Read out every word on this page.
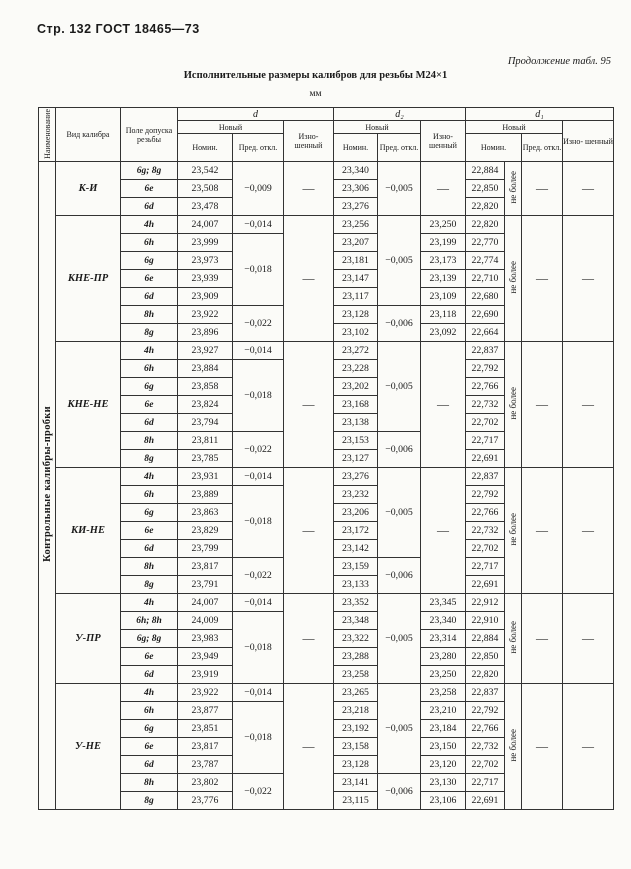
Стр. 132 ГОСТ 18465—73
Продолжение табл. 95
Исполнительные размеры калибров для резьбы М24×1
мм
Наименование	Вид калибра	Поле допуска резьбы	d			d₂			d₁			
			Новый		Изно- шенный	Новый		Изно- шенный	Новый			Изно- шенный
			Номин.	Пред. откл.		Номин.	Пред. откл.		Номин.		Пред. откл.	
Контрольные калибры-пробки	К-И	6g; 8g	23,542	−0,009	—	23,340	−0,005	—	22,884	не более	—	—
		6e	23,508			23,306			22,850			
		6d	23,478			23,276			22,820			
	КНЕ-ПР	4h	24,007	−0,014	—	23,256	−0,005	23,250	22,820	не более	—	—
		6h	23,999	−0,018		23,207		23,199	22,770			
		6g	23,973			23,181		23,173	22,774			
		6e	23,939			23,147		23,139	22,710			
		6d	23,909			23,117		23,109	22,680			
		8h	23,922	−0,022		23,128	−0,006	23,118	22,690			
		8g	23,896			23,102		23,092	22,664			
	КНЕ-НЕ	4h	23,927	−0,014	—	23,272	−0,005	—	22,837	не более	—	—
		6h	23,884	−0,018		23,228			22,792			
		6g	23,858			23,202			22,766			
		6e	23,824			23,168			22,732			
		6d	23,794			23,138			22,702			
		8h	23,811	−0,022		23,153	−0,006		22,717			
		8g	23,785			23,127			22,691			
	КИ-НЕ	4h	23,931	−0,014	—	23,276	−0,005	—	22,837	не более	—	—
		6h	23,889	−0,018		23,232			22,792			
		6g	23,863			23,206			22,766			
		6e	23,829			23,172			22,732			
		6d	23,799			23,142			22,702			
		8h	23,817	−0,022		23,159	−0,006		22,717			
		8g	23,791			23,133			22,691			
	У-ПР	4h	24,007	−0,014	—	23,352	−0,005	23,345	22,912	не более	—	—
		6h; 8h	24,009	−0,018		23,348		23,340	22,910			
		6g; 8g	23,983			23,322		23,314	22,884			
		6e	23,949			23,288		23,280	22,850			
		6d	23,919			23,258		23,250	22,820			
	У-НЕ	4h	23,922	−0,014	—	23,265	−0,005	23,258	22,837	не более	—	—
		6h	23,877	−0,018		23,218		23,210	22,792			
		6g	23,851			23,192		23,184	22,766			
		6e	23,817			23,158		23,150	22,732			
		6d	23,787			23,128		23,120	22,702			
		8h	23,802	−0,022		23,141	−0,006	23,130	22,717			
		8g	23,776			23,115		23,106	22,691			
